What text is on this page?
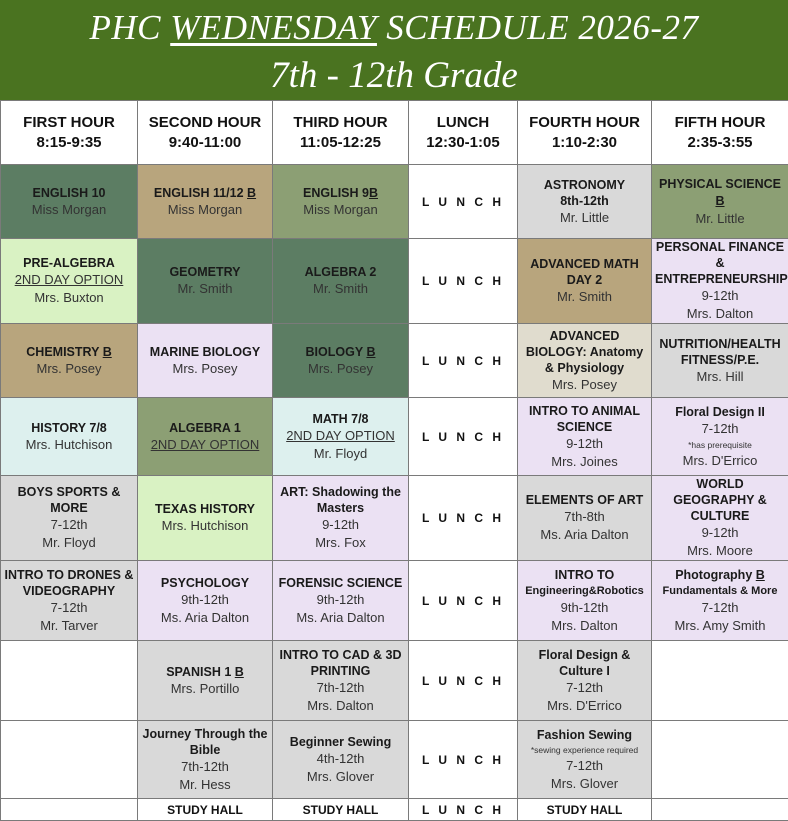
PHC WEDNESDAY SCHEDULE 2026-27
7th - 12th Grade
FIRST HOUR
8:15-9:35	SECOND HOUR
9:40-11:00	THIRD HOUR
11:05-12:25	LUNCH
12:30-1:05	FOURTH HOUR
1:10-2:30	FIFTH HOUR
2:35-3:55

ENGLISH 10
Miss Morgan	ENGLISH 11/12 B
Miss Morgan	ENGLISH 9B
Miss Morgan	L U N C H	ASTRONOMY
8th-12th
Mr. Little	PHYSICAL SCIENCE
B
Mr. Little

PRE-ALGEBRA
2ND DAY OPTION
Mrs. Buxton	GEOMETRY
Mr. Smith	ALGEBRA 2
Mr. Smith	L U N C H	ADVANCED MATH DAY 2
Mr. Smith	PERSONAL FINANCE & ENTREPRENEURSHIP
9-12th
Mrs. Dalton

CHEMISTRY B
Mrs. Posey	MARINE BIOLOGY
Mrs. Posey	BIOLOGY B
Mrs. Posey	L U N C H	ADVANCED BIOLOGY: Anatomy & Physiology
Mrs. Posey	NUTRITION/HEALTH FITNESS/P.E.
Mrs. Hill

HISTORY 7/8
Mrs. Hutchison	ALGEBRA 1
2ND DAY OPTION	MATH 7/8
2ND DAY OPTION
Mr. Floyd	L U N C H	INTRO TO ANIMAL SCIENCE
9-12th
Mrs. Joines	Floral Design II
7-12th
*has prerequisite
Mrs. D'Errico

BOYS SPORTS & MORE
7-12th
Mr. Floyd	TEXAS HISTORY
Mrs. Hutchison	ART: Shadowing the Masters
9-12th
Mrs. Fox	L U N C H	ELEMENTS OF ART
7th-8th
Ms. Aria Dalton	WORLD GEOGRAPHY & CULTURE
9-12th
Mrs. Moore

INTRO TO DRONES & VIDEOGRAPHY
7-12th
Mr. Tarver	PSYCHOLOGY
9th-12th
Ms. Aria Dalton	FORENSIC SCIENCE
9th-12th
Ms. Aria Dalton	L U N C H	INTRO TO
Engineering&Robotics
9th-12th
Mrs. Dalton	Photography B
Fundamentals & More
7-12th
Mrs. Amy Smith

	SPANISH 1 B
Mrs. Portillo	INTRO TO CAD & 3D PRINTING
7th-12th
Mrs. Dalton	L U N C H	Floral Design & Culture I
7-12th
Mrs. D'Errico	

	Journey Through the Bible
7th-12th
Mr. Hess	Beginner Sewing
4th-12th
Mrs. Glover	L U N C H	Fashion Sewing
*sewing experience required
7-12th
Mrs. Glover	

	STUDY HALL	STUDY HALL	L U N C H	STUDY HALL	
